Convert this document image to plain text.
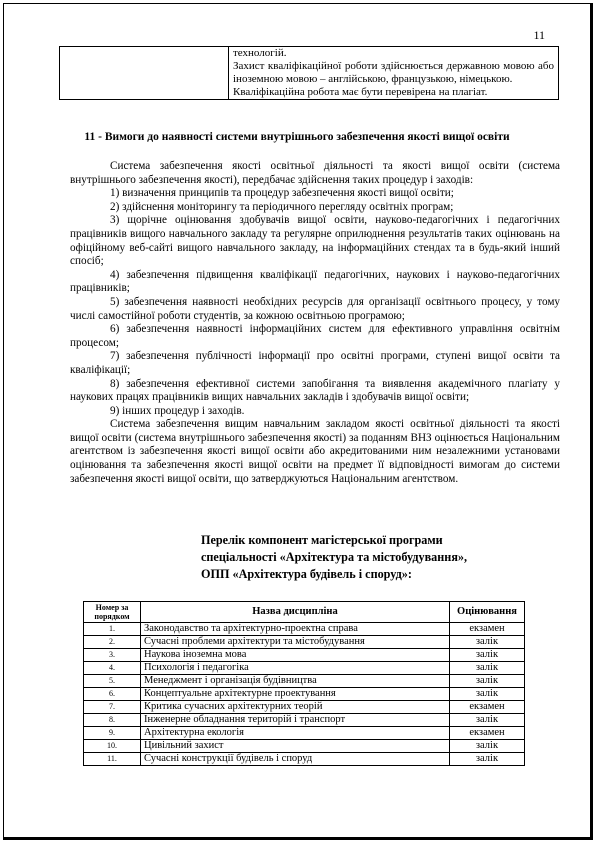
11

технологій.

Захист кваліфікаційної роботи здійснюється державною мовою або іноземною мовою – англійською, французькою, німецькою.

Кваліфікаційна робота має бути перевірена на плагіат.

11 - Вимоги до наявності системи внутрішнього забезпечення якості вищої освіти

Система забезпечення якості освітньої діяльності та якості вищої освіти (система внутрішнього забезпечення якості), передбачає здійснення таких процедур і заходів:

1) визначення принципів та процедур забезпечення якості вищої освіти;

2) здійснення моніторингу та періодичного перегляду освітніх програм;

3) щорічне оцінювання здобувачів вищої освіти, науково-педагогічних і педагогічних працівників вищого навчального закладу та регулярне оприлюднення результатів таких оцінювань на офіційному веб-сайті вищого навчального закладу, на інформаційних стендах та в будь-який інший спосіб;

4) забезпечення підвищення кваліфікації педагогічних, наукових і науково-педагогічних працівників;

5) забезпечення наявності необхідних ресурсів для організації освітнього процесу, у тому числі самостійної роботи студентів, за кожною освітньою програмою;

6) забезпечення наявності інформаційних систем для ефективного управління освітнім процесом;

7) забезпечення публічності інформації про освітні програми, ступені вищої освіти та кваліфікації;

8) забезпечення ефективної системи запобігання та виявлення академічного плагіату у наукових працях працівників вищих навчальних закладів і здобувачів вищої освіти;

9) інших процедур і заходів.

Система забезпечення вищим навчальним закладом якості освітньої діяльності та якості вищої освіти (система внутрішнього забезпечення якості) за поданням ВНЗ оцінюється Національним агентством із забезпечення якості вищої освіти або акредитованими ним незалежними установами оцінювання та забезпечення якості вищої освіти на предмет її відповідності вимогам до системи забезпечення якості вищої освіти, що затверджуються Національним агентством.

Перелік компонент магістерської програми
спеціальності «Архітектура та містобудування»,
ОПП «Архітектура будівель і споруд»:
Номер за порядком	Назва дисципліна	Оцінювання
1.	Законодавство та архітектурно-проектна справа	екзамен
2.	Сучасні проблеми архітектури та містобудування	залік
3.	Наукова іноземна мова	залік
4.	Психологія і педагогіка	залік
5.	Менеджмент і організація будівництва	залік
6.	Концептуальне архітектурне проектування	залік
7.	Критика сучасних архітектурних теорій	екзамен
8.	Інженерне обладнання територій і транспорт	залік
9.	Архітектурна екологія	екзамен
10.	Цивільний захист	залік
11.	Сучасні конструкції будівель і споруд	залік
